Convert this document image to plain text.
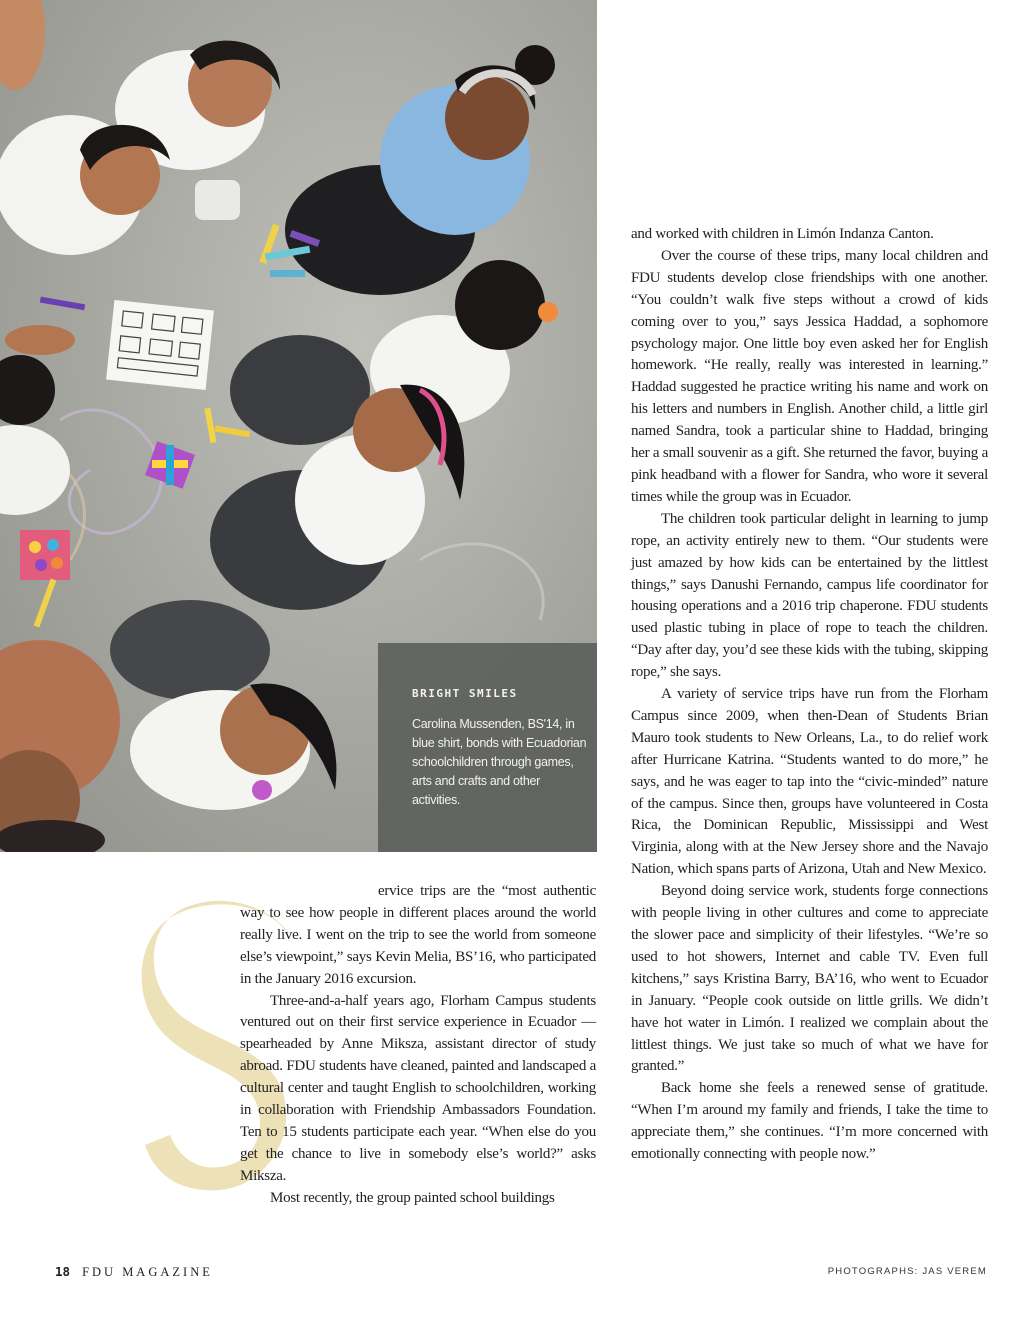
BRIGHT SMILES
Carolina Mussenden, BS'14, in blue shirt, bonds with Ecuadorian schoolchildren through games, arts and crafts and other activities.

ervice trips are the “most authentic way to see how people in different places around the world really live. I went on the trip to see the world from someone else’s viewpoint,” says Kevin Melia, BS’16, who participated in the January 2016 excursion.

Three-and-a-half years ago, Florham Campus students ventured out on their first service experience in Ecuador — spearheaded by Anne Miksza, assistant director of study abroad. FDU students have cleaned, painted and landscaped a cultural center and taught English to schoolchildren, working in collaboration with Friendship Ambassadors Foundation. Ten to 15 students participate each year. “When else do you get the chance to live in somebody else’s world?” asks Miksza.

Most recently, the group painted school buildings

and worked with children in Limón Indanza Canton.

Over the course of these trips, many local children and FDU students develop close friendships with one another. “You couldn’t walk five steps without a crowd of kids coming over to you,” says Jessica Haddad, a sophomore psychology major. One little boy even asked her for English homework. “He really, really was interested in learning.” Haddad suggested he practice writing his name and work on his letters and numbers in English. Another child, a little girl named Sandra, took a particular shine to Haddad, bringing her a small souvenir as a gift. She returned the favor, buying a pink headband with a flower for Sandra, who wore it several times while the group was in Ecuador.

The children took particular delight in learning to jump rope, an activity entirely new to them. “Our students were just amazed by how kids can be entertained by the littlest things,” says Danushi Fernando, campus life coordinator for housing operations and a 2016 trip chaperone. FDU students used plastic tubing in place of rope to teach the children. “Day after day, you’d see these kids with the tubing, skipping rope,” she says.

A variety of service trips have run from the Florham Campus since 2009, when then-Dean of Students Brian Mauro took students to New Orleans, La., to do relief work after Hurricane Katrina. “Students wanted to do more,” he says, and he was eager to tap into the “civic-minded” nature of the campus. Since then, groups have volunteered in Costa Rica, the Dominican Republic, Mississippi and West Virginia, along with at the New Jersey shore and the Navajo Nation, which spans parts of Arizona, Utah and New Mexico.

Beyond doing service work, students forge connections with people living in other cultures and come to appreciate the slower pace and simplicity of their lifestyles. “We’re so used to hot showers, Internet and cable TV. Even full kitchens,” says Kristina Barry, BA’16, who went to Ecuador in January. “People cook outside on little grills. We didn’t have hot water in Limón. I realized we complain about the littlest things. We just take so much of what we have for granted.”

Back home she feels a renewed sense of gratitude. “When I’m around my family and friends, I take the time to appreciate them,” she continues. “I’m more concerned with emotionally connecting with people now.”

18 FDU MAGAZINE	PHOTOGRAPHS: JAS VEREM
